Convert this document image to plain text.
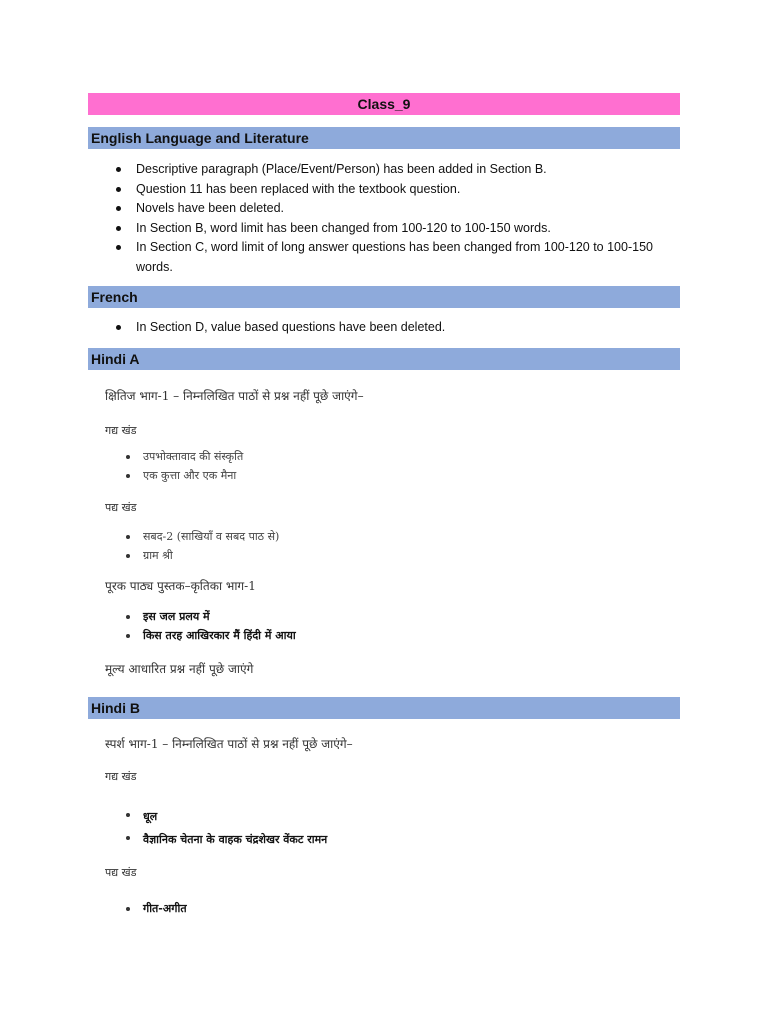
Class_9
English Language and Literature
Descriptive paragraph (Place/Event/Person) has been added in Section B.
Question 11 has been replaced with the textbook question.
Novels have been deleted.
In Section B, word limit has been changed from 100-120 to 100-150 words.
In Section C, word limit of long answer questions has been changed from 100-120 to 100-150 words.
French
In Section D, value based questions have been deleted.
Hindi A
क्षितिज भाग-1 – निम्नलिखित पाठों से प्रश्न नहीं पूछे जाएंगे–
गद्य खंड
उपभोक्तावाद की संस्कृति
एक कुत्ता और एक मैना
पद्य खंड
सबद-2 (साखियाँ व सबद पाठ से)
ग्राम श्री
पूरक पाठ्य पुस्तक–कृतिका भाग-1
इस जल प्रलय में
किस तरह आखिरकार मैं हिंदी में आया
मूल्य आधारित प्रश्न नहीं पूछे जाएंगे
Hindi B
स्पर्श भाग-1 – निम्नलिखित पाठों से प्रश्न नहीं पूछे जाएंगे–
गद्य खंड
धूल
वैज्ञानिक चेतना के वाहक चंद्रशेखर वेंकट रामन
पद्य खंड
गीत-अगीत
